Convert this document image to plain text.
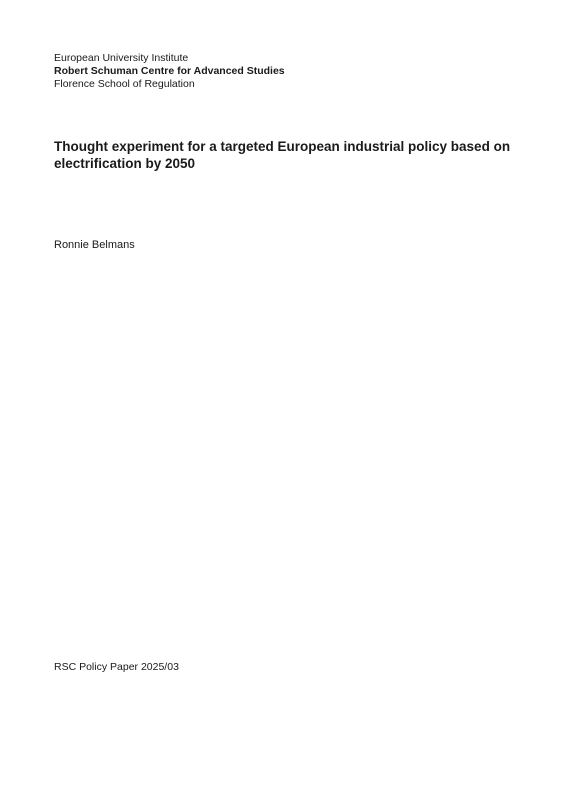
European University Institute
Robert Schuman Centre for Advanced Studies
Florence School of Regulation
Thought experiment for a targeted European industrial policy based on electrification by 2050
Ronnie Belmans
RSC Policy Paper 2025/03
